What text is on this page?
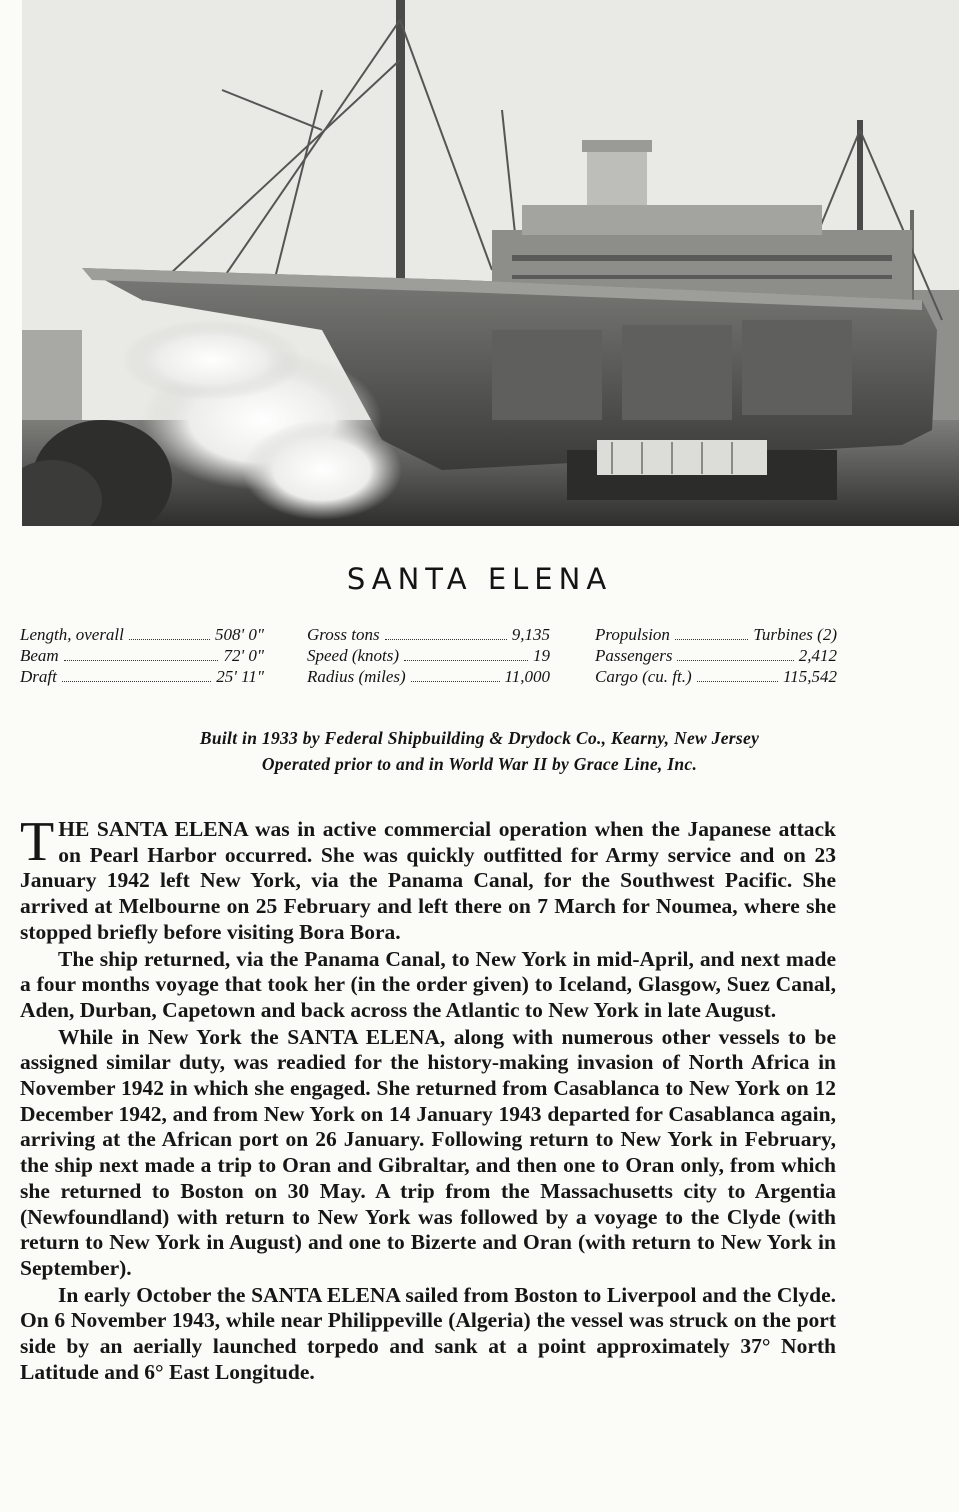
SANTA ELENA
Length, overall	508' 0"
Beam	72' 0"
Draft	25' 11"
Gross tons	9,135
Speed (knots)	19
Radius (miles)	11,000
Propulsion	Turbines (2)
Passengers	2,412
Cargo (cu. ft.)	115,542
Built in 1933 by Federal Shipbuilding & Drydock Co., Kearny, New Jersey
Operated prior to and in World War II by Grace Line, Inc.

THE SANTA ELENA was in active commercial operation when the Japanese attack on Pearl Harbor occurred. She was quickly outfitted for Army service and on 23 January 1942 left New York, via the Panama Canal, for the Southwest Pacific. She arrived at Melbourne on 25 February and left there on 7 March for Noumea, where she stopped briefly before visiting Bora Bora.

The ship returned, via the Panama Canal, to New York in mid-April, and next made a four months voyage that took her (in the order given) to Iceland, Glasgow, Suez Canal, Aden, Durban, Capetown and back across the Atlantic to New York in late August.

While in New York the SANTA ELENA, along with numerous other vessels to be assigned similar duty, was readied for the history-making invasion of North Africa in November 1942 in which she engaged. She returned from Casablanca to New York on 12 December 1942, and from New York on 14 January 1943 departed for Casablanca again, arriving at the African port on 26 January. Following return to New York in February, the ship next made a trip to Oran and Gibraltar, and then one to Oran only, from which she returned to Boston on 30 May. A trip from the Massachusetts city to Argentia (Newfoundland) with return to New York was followed by a voyage to the Clyde (with return to New York in August) and one to Bizerte and Oran (with return to New York in September).

In early October the SANTA ELENA sailed from Boston to Liverpool and the Clyde. On 6 November 1943, while near Philippeville (Algeria) the vessel was struck on the port side by an aerially launched torpedo and sank at a point approximately 37° North Latitude and 6° East Longitude.
